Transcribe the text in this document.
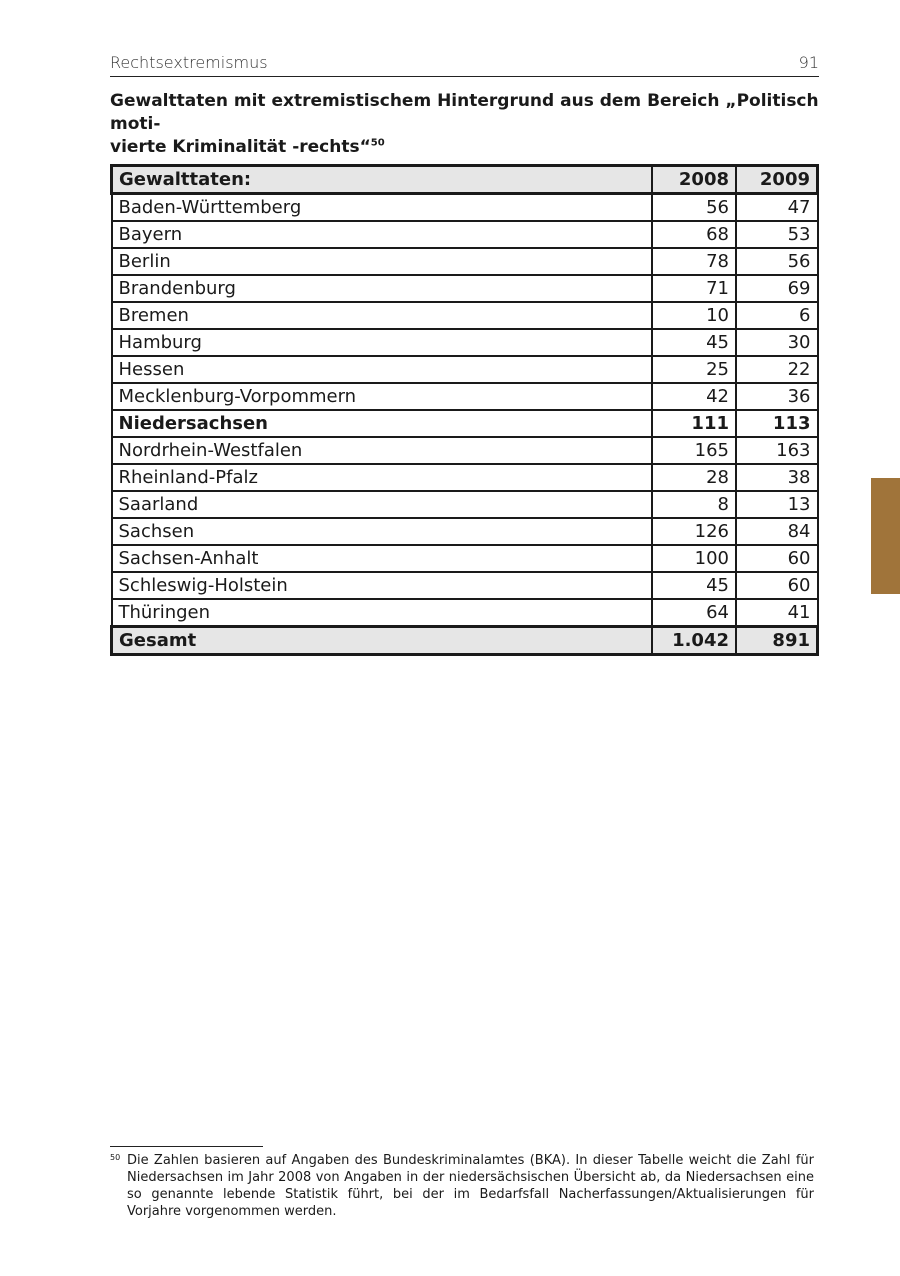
Rechtsextremismus	91
Gewalttaten mit extremistischem Hintergrund aus dem Bereich „Politisch moti-
vierte Kriminalität -rechts“$^{50}$
Gewalttaten:	2008	2009
Baden-Württemberg	56	47
Bayern	68	53
Berlin	78	56
Brandenburg	71	69
Bremen	10	6
Hamburg	45	30
Hessen	25	22
Mecklenburg-Vorpommern	42	36
Niedersachsen	111	113
Nordrhein-Westfalen	165	163
Rheinland-Pfalz	28	38
Saarland	8	13
Sachsen	126	84
Sachsen-Anhalt	100	60
Schleswig-Holstein	45	60
Thüringen	64	41
Gesamt	1.042	891
50 Die Zahlen basieren auf Angaben des Bundeskriminalamtes (BKA). In dieser Tabelle weicht die Zahl für Niedersachsen im Jahr 2008 von Angaben in der niedersächsischen Übersicht ab, da Niedersachsen eine so genannte lebende Statistik führt, bei der im Bedarfsfall Nacherfassungen/Aktualisierungen für Vorjahre vorgenommen werden.
